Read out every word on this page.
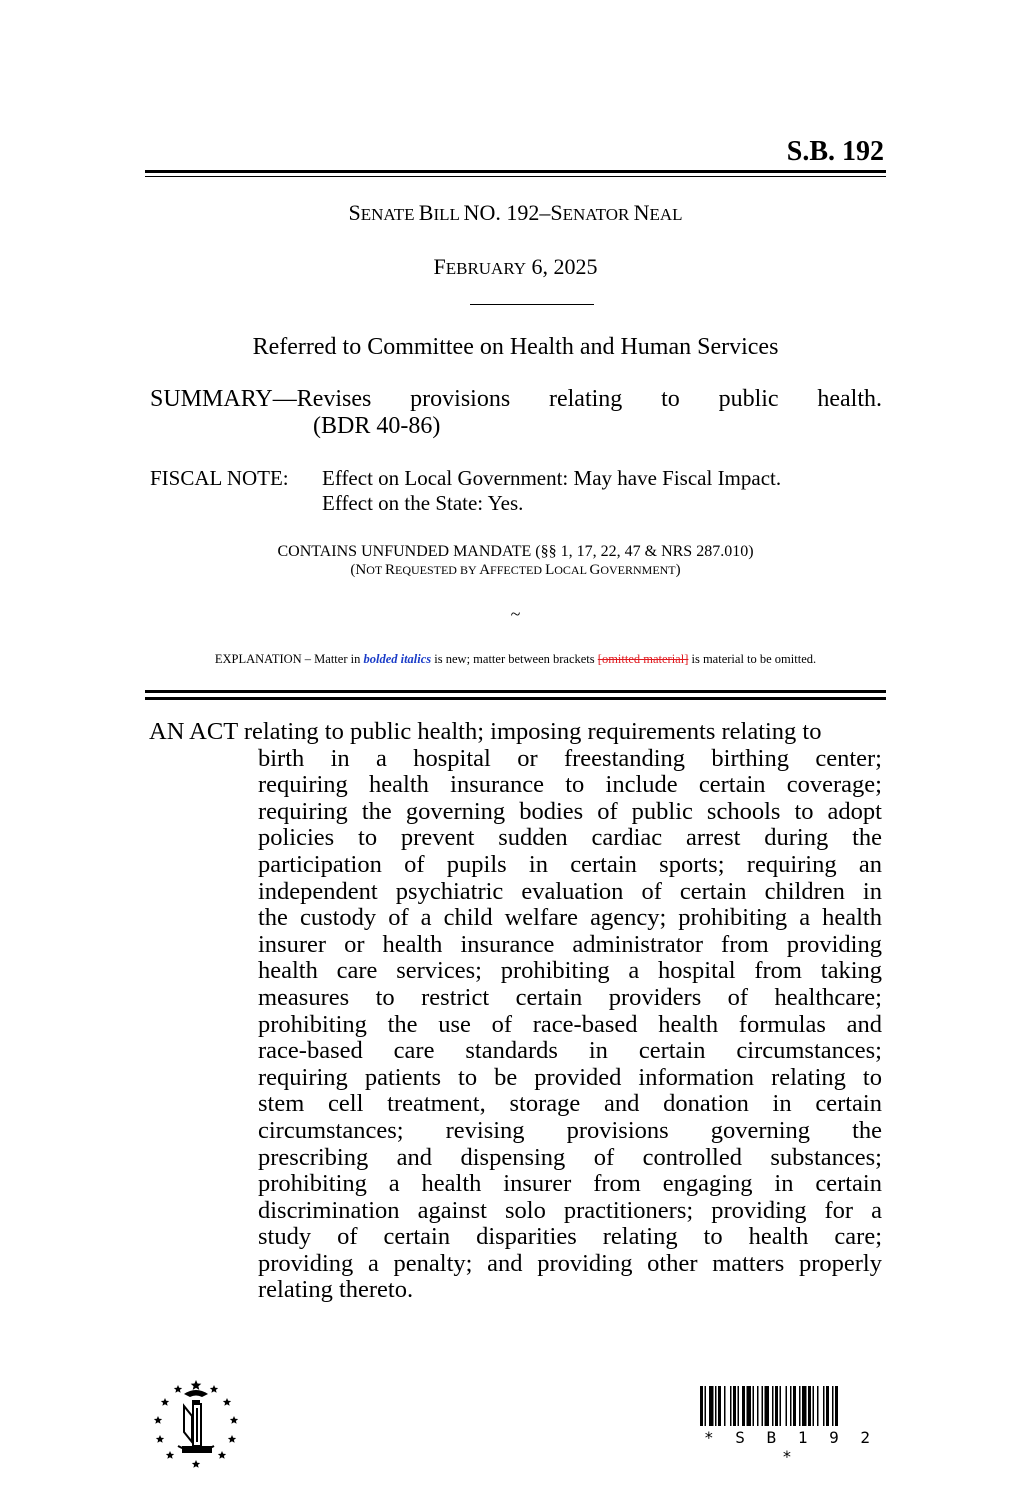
S.B. 192
SENATE BILL NO. 192–SENATOR NEAL
FEBRUARY 6, 2025
Referred to Committee on Health and Human Services
SUMMARY—Revises provisions relating to public health.
(BDR 40-86)
FISCAL NOTE:	Effect on Local Government: May have Fiscal Impact.
Effect on the State: Yes.
CONTAINS UNFUNDED MANDATE (§§ 1, 17, 22, 47 & NRS 287.010)
(NOT REQUESTED BY AFFECTED LOCAL GOVERNMENT)
~
EXPLANATION – Matter in bolded italics is new; matter between brackets [omitted material] is material to be omitted.
AN ACT relating to public health; imposing requirements relating to
birth in a hospital or freestanding birthing center;
requiring health insurance to include certain coverage;
requiring the governing bodies of public schools to adopt
policies to prevent sudden cardiac arrest during the
participation of pupils in certain sports; requiring an
independent psychiatric evaluation of certain children in
the custody of a child welfare agency; prohibiting a health
insurer or health insurance administrator from providing
health care services; prohibiting a hospital from taking
measures to restrict certain providers of healthcare;
prohibiting the use of race-based health formulas and
race-based care standards in certain circumstances;
requiring patients to be provided information relating to
stem cell treatment, storage and donation in certain
circumstances; revising provisions governing the
prescribing and dispensing of controlled substances;
prohibiting a health insurer from engaging in certain
discrimination against solo practitioners; providing for a
study of certain disparities relating to health care;
providing a penalty; and providing other matters properly
relating thereto.
* S B 1 9 2 *
